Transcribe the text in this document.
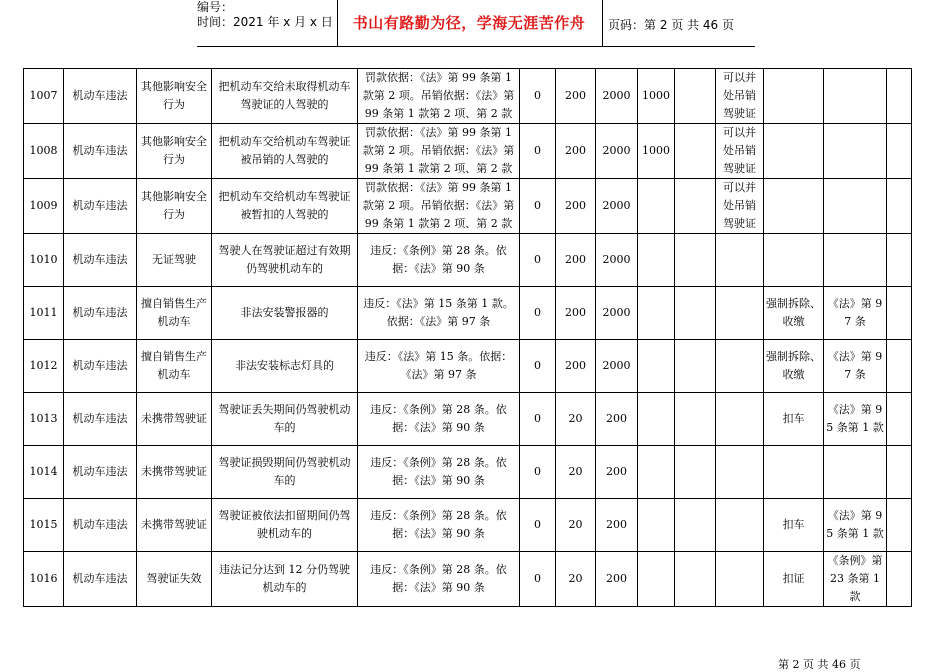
编号：
时间：2021 年 x 月 x 日	书山有路勤为径，学海无涯苦作舟	页码：第 2 页 共 46 页
1007	机动车违法	其他影响安全行为	把机动车交给未取得机动车驾驶证的人驾驶的	罚款依据：《法》第 99 条第 1 款第 2 项。吊销依据：《法》第 99 条第 1 款第 2 项、第 2 款	0	200	2000	1000		可以并处吊销驾驶证			
1008	机动车违法	其他影响安全行为	把机动车交给机动车驾驶证被吊销的人驾驶的	罚款依据：《法》第 99 条第 1 款第 2 项。吊销依据：《法》第 99 条第 1 款第 2 项、第 2 款	0	200	2000	1000		可以并处吊销驾驶证			
1009	机动车违法	其他影响安全行为	把机动车交给机动车驾驶证被暂扣的人驾驶的	罚款依据：《法》第 99 条第 1 款第 2 项。吊销依据：《法》第 99 条第 1 款第 2 项、第 2 款	0	200	2000			可以并处吊销驾驶证			
1010	机动车违法	无证驾驶	驾驶人在驾驶证超过有效期仍驾驶机动车的	违反：《条例》第 28 条。依据：《法》第 90 条	0	200	2000						
1011	机动车违法	擅自销售生产机动车	非法安装警报器的	违反：《法》第 15 条第 1 款。依据：《法》第 97 条	0	200	2000				强制拆除、收缴	《法》第 97 条	
1012	机动车违法	擅自销售生产机动车	非法安装标志灯具的	违反：《法》第 15 条。依据：《法》第 97 条	0	200	2000				强制拆除、收缴	《法》第 97 条	
1013	机动车违法	未携带驾驶证	驾驶证丢失期间仍驾驶机动车的	违反：《条例》第 28 条。依据：《法》第 90 条	0	20	200				扣车	《法》第 95 条第 1 款	
1014	机动车违法	未携带驾驶证	驾驶证损毁期间仍驾驶机动车的	违反：《条例》第 28 条。依据：《法》第 90 条	0	20	200						
1015	机动车违法	未携带驾驶证	驾驶证被依法扣留期间仍驾驶机动车的	违反：《条例》第 28 条。依据：《法》第 90 条	0	20	200				扣车	《法》第 95 条第 1 款	
1016	机动车违法	驾驶证失效	违法记分达到 12 分仍驾驶机动车的	违反：《条例》第 28 条。依据：《法》第 90 条	0	20	200				扣证	《条例》第 23 条第 1 款	
第 2 页 共 46 页
